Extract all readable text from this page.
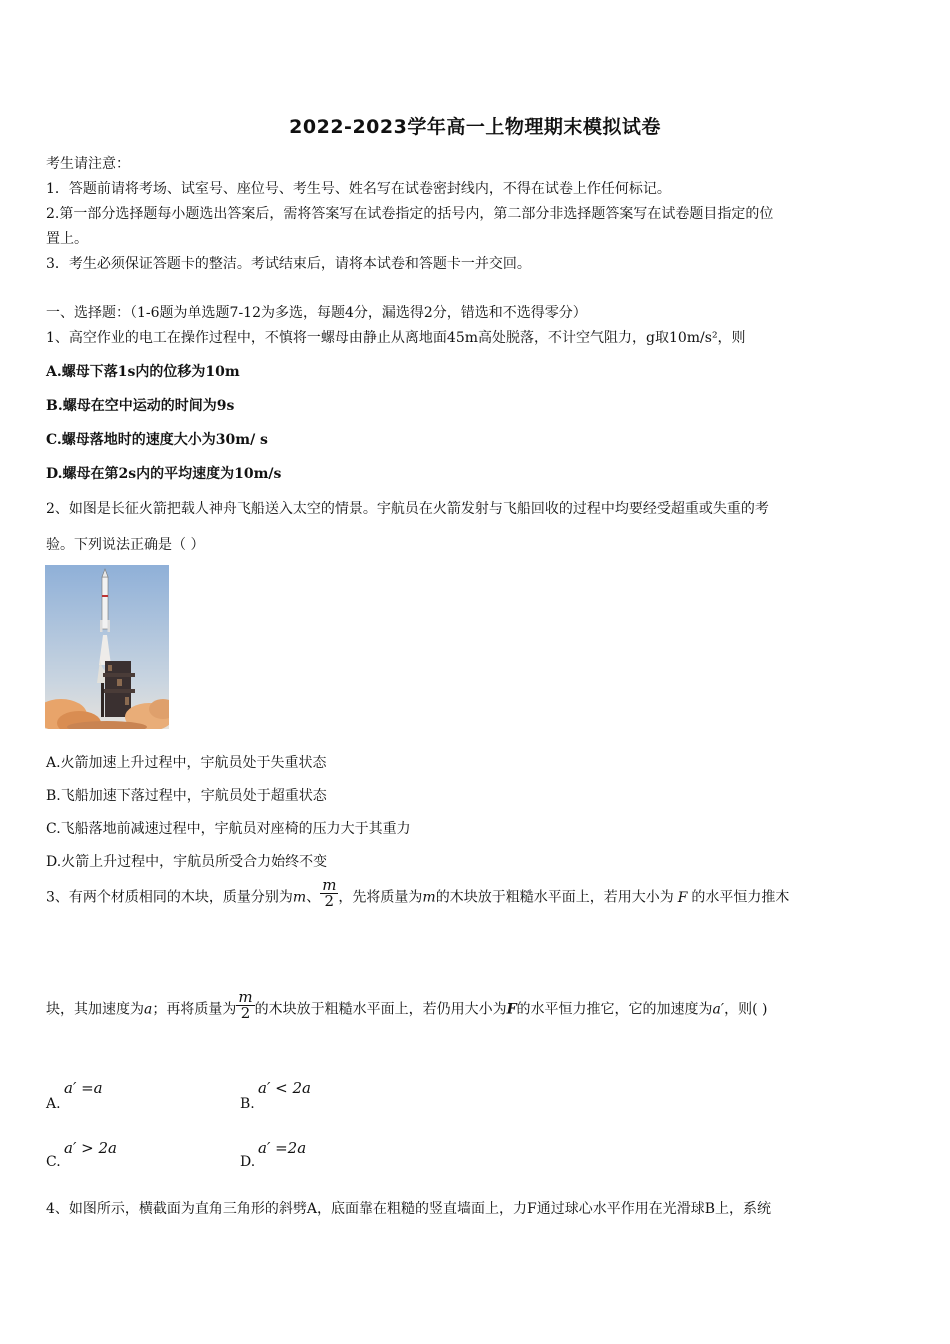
2022-2023学年高一上物理期末模拟试卷
考生请注意：
1．答题前请将考场、试室号、座位号、考生号、姓名写在试卷密封线内，不得在试卷上作任何标记。
2.第一部分选择题每小题选出答案后，需将答案写在试卷指定的括号内，第二部分非选择题答案写在试卷题目指定的位
置上。
3．考生必须保证答题卡的整洁。考试结束后，请将本试卷和答题卡一并交回。
一、选择题：（1-6题为单选题7-12为多选，每题4分，漏选得2分，错选和不选得零分）
1、高空作业的电工在操作过程中，不慎将一螺母由静止从离地面45m高处脱落，不计空气阻力，g取10m/s²，则
A.螺母下落1s内的位移为10m
B.螺母在空中运动的时间为9s
C.螺母落地时的速度大小为30m/ s
D.螺母在第2s内的平均速度为10m/s
2、如图是长征火箭把载人神舟飞船送入太空的情景。宇航员在火箭发射与飞船回收的过程中均要经受超重或失重的考
验。下列说法正确是（ ）
A.火箭加速上升过程中，宇航员处于失重状态
B.飞船加速下落过程中，宇航员处于超重状态
C.飞船落地前减速过程中，宇航员对座椅的压力大于其重力
D.火箭上升过程中，宇航员所受合力始终不变
3、有两个材质相同的木块，质量分别为m、 $\frac{m}{2}$ ，先将质量为m的木块放于粗糙水平面上，若用大小为 F 的水平恒力推木
块，其加速度为a；再将质量为 $\frac{m}{2}$ 的木块放于粗糙水平面上，若仍用大小为F的水平恒力推它，它的加速度为a′，则( )
A.
a′ =a
B.
a′ < 2a
C.
a′ > 2a
D.
a′ =2a
4、如图所示，横截面为直角三角形的斜劈A，底面靠在粗糙的竖直墙面上，力F通过球心水平作用在光滑球B上，系统
